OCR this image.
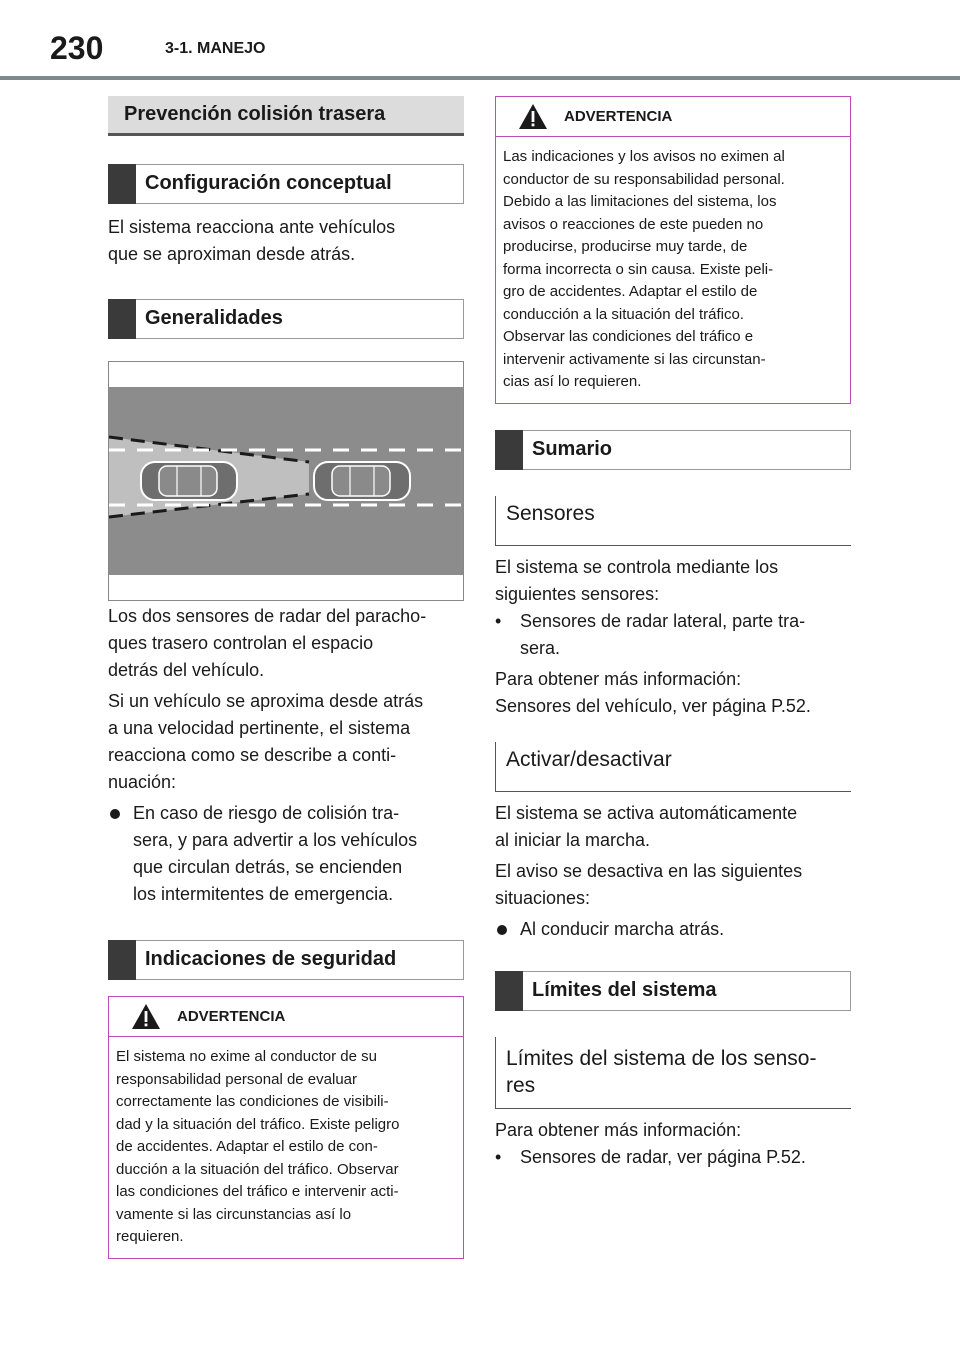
230	3-1. MANEJO
Prevención colisión trasera
Configuración conceptual
El sistema reacciona ante vehículos
que se aproximan desde atrás.
Generalidades
Los dos sensores de radar del paracho-
ques trasero controlan el espacio
detrás del vehículo.
Si un vehículo se aproxima desde atrás
a una velocidad pertinente, el sistema
reacciona como se describe a conti-
nuación:
En caso de riesgo de colisión tra-
sera, y para advertir a los vehículos
que circulan detrás, se encienden
los intermitentes de emergencia.
Indicaciones de seguridad
ADVERTENCIA
El sistema no exime al conductor de su
responsabilidad personal de evaluar
correctamente las condiciones de visibili-
dad y la situación del tráfico. Existe peligro
de accidentes. Adaptar el estilo de con-
ducción a la situación del tráfico. Observar
las condiciones del tráfico e intervenir acti-
vamente si las circunstancias así lo
requieren.
ADVERTENCIA
Las indicaciones y los avisos no eximen al
conductor de su responsabilidad personal.
Debido a las limitaciones del sistema, los
avisos o reacciones de este pueden no
producirse, producirse muy tarde, de
forma incorrecta o sin causa. Existe peli-
gro de accidentes. Adaptar el estilo de
conducción a la situación del tráfico.
Observar las condiciones del tráfico e
intervenir activamente si las circunstan-
cias así lo requieren.
Sumario
Sensores
El sistema se controla mediante los
siguientes sensores:
• Sensores de radar lateral, parte tra-
sera.
Para obtener más información:
Sensores del vehículo, ver página P.52.
Activar/desactivar
El sistema se activa automáticamente
al iniciar la marcha.
El aviso se desactiva en las siguientes
situaciones:
Al conducir marcha atrás.
Límites del sistema
Límites del sistema de los senso-
res
Para obtener más información:
• Sensores de radar, ver página P.52.
